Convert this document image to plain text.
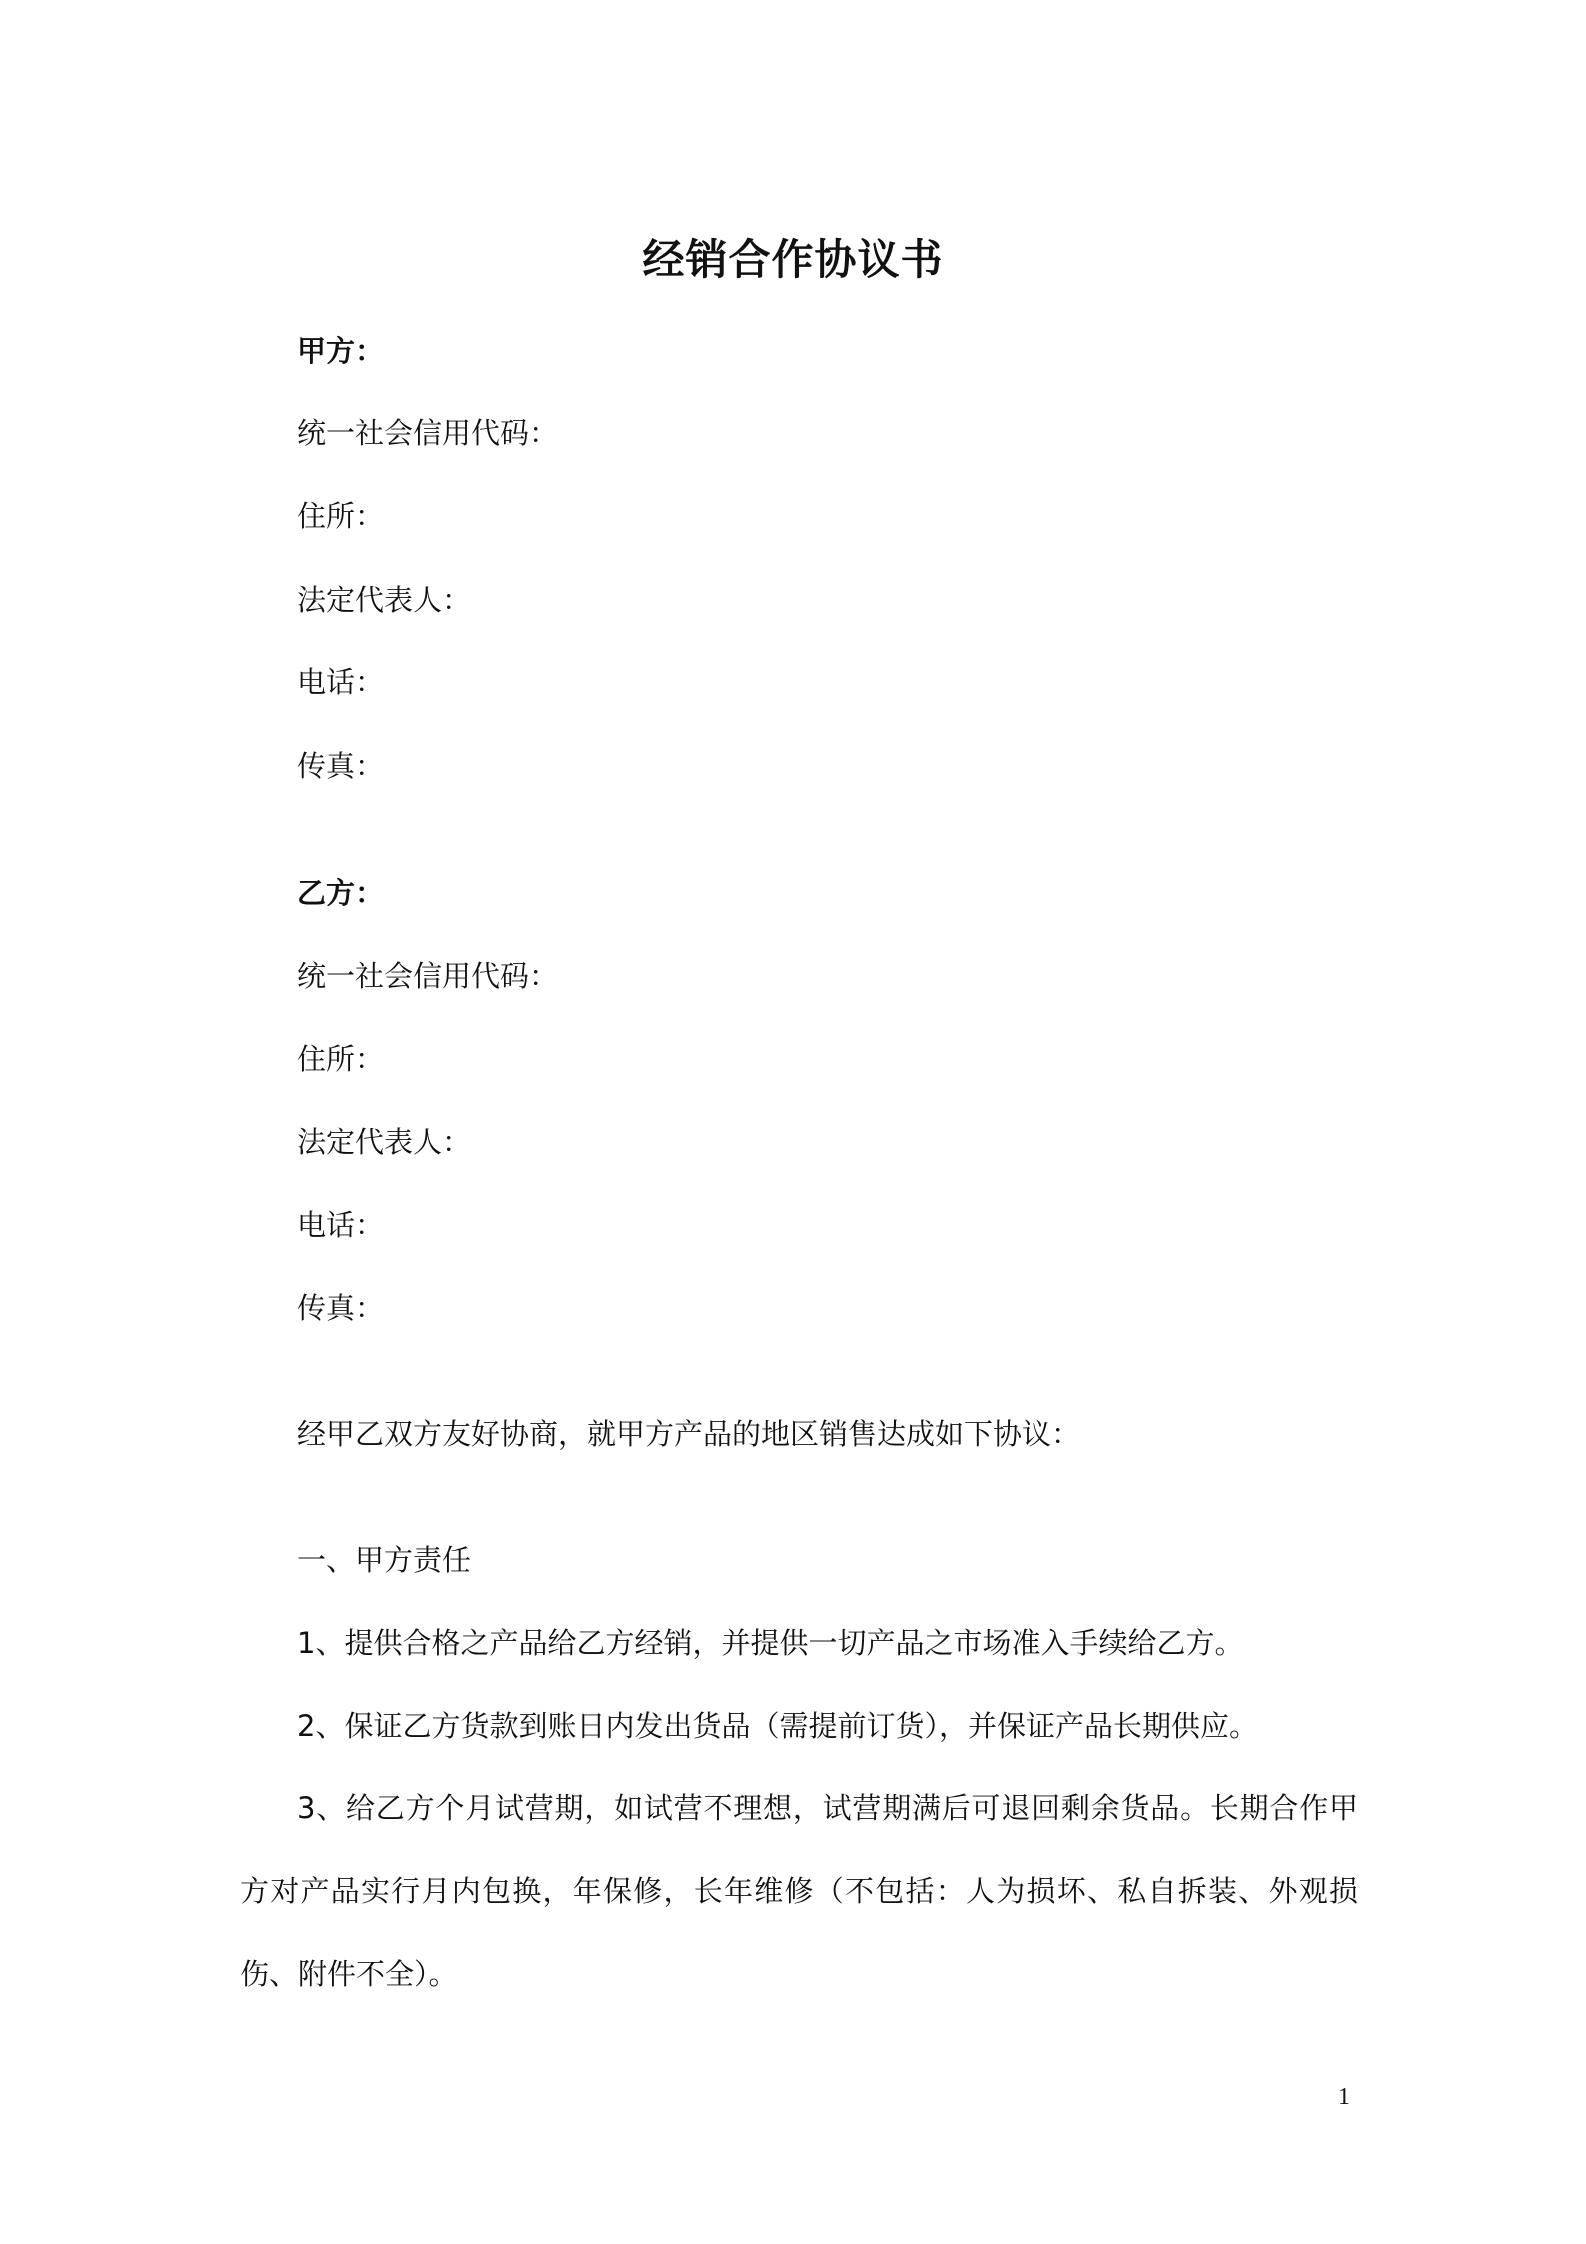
经销合作协议书
甲方：
统一社会信用代码：
住所：
法定代表人：
电话：
传真：
乙方：
统一社会信用代码：
住所：
法定代表人：
电话：
传真：
经甲乙双方友好协商，就甲方产品的地区销售达成如下协议：
一、甲方责任
1、提供合格之产品给乙方经销，并提供一切产品之市场准入手续给乙方。
2、保证乙方货款到账日内发出货品（需提前订货），并保证产品长期供应。
3、给乙方个月试营期，如试营不理想，试营期满后可退回剩余货品。长期合作甲方对产品实行月内包换，年保修，长年维修（不包括：人为损坏、私自拆装、外观损伤、附件不全）。
1
